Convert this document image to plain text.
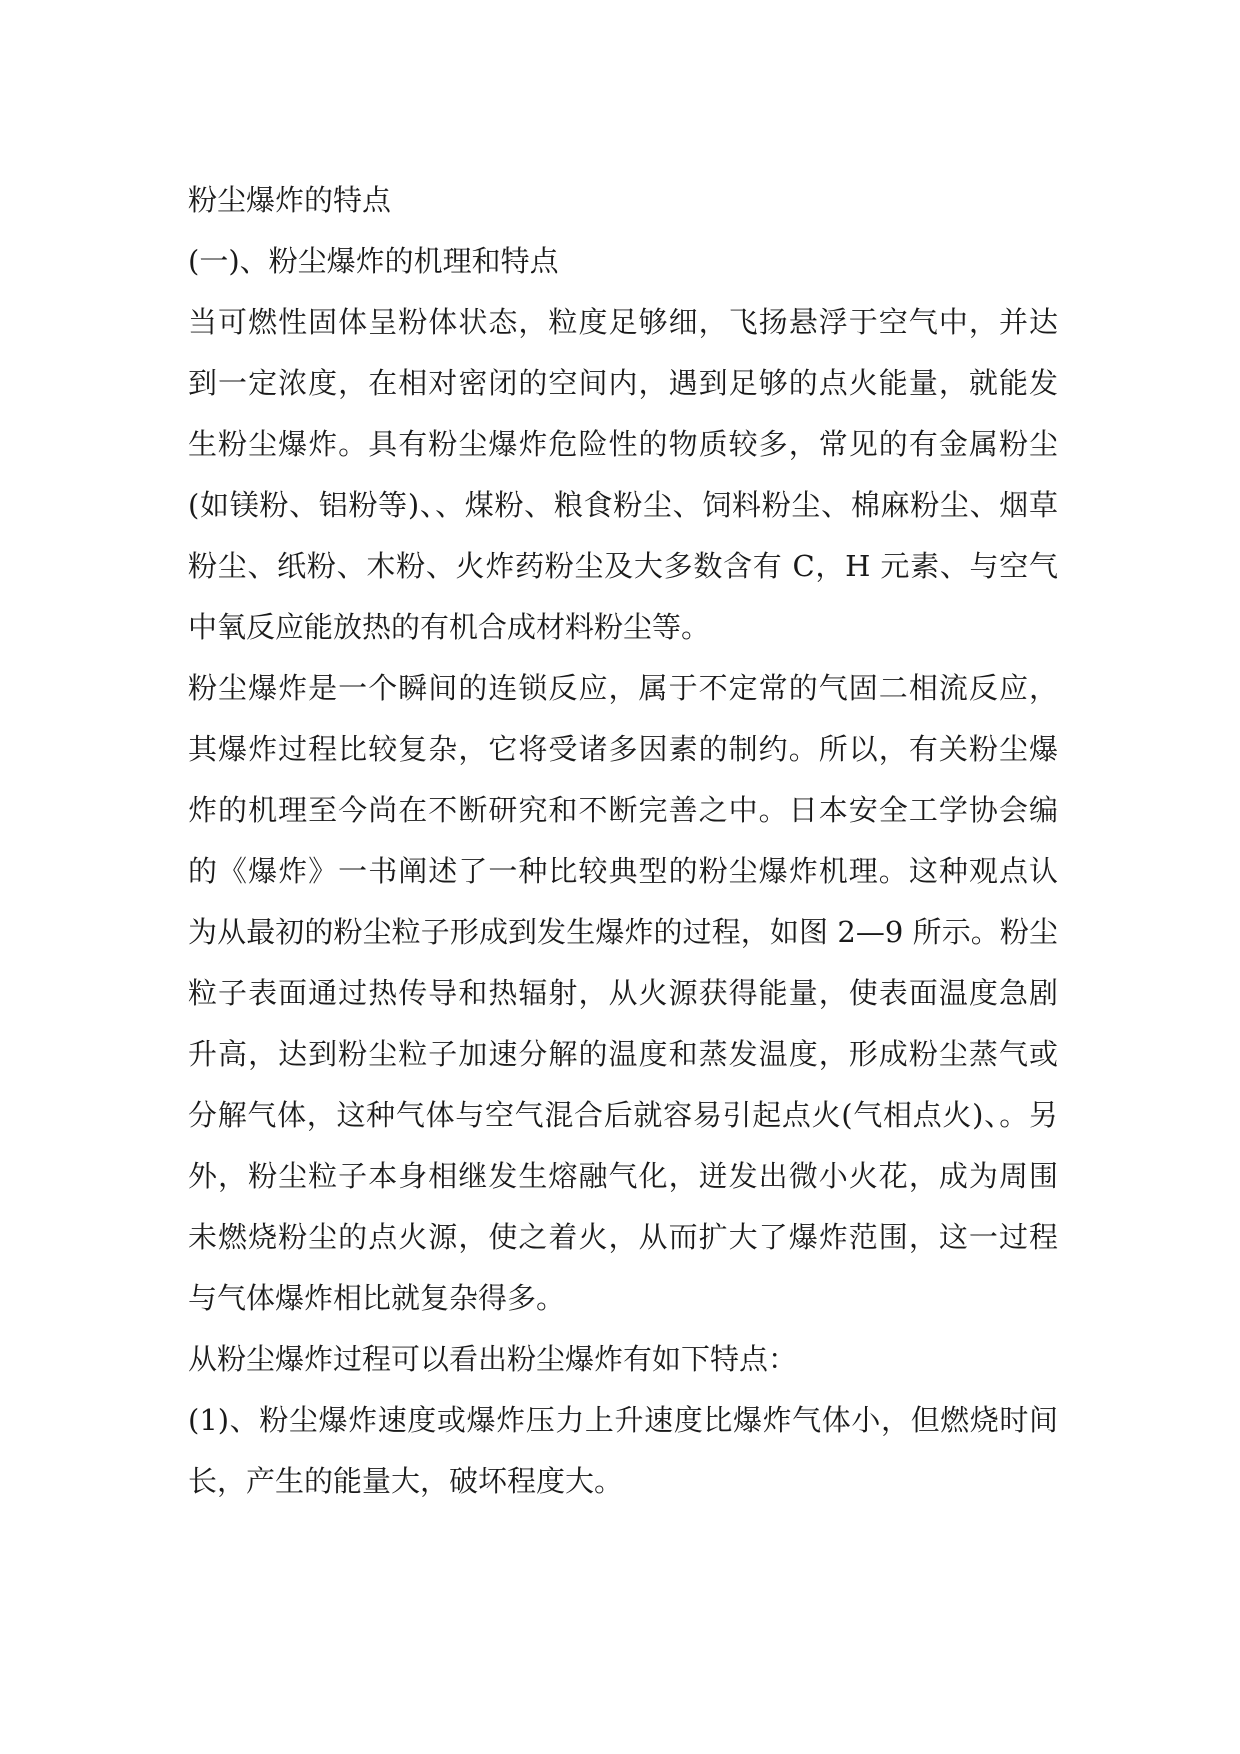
粉尘爆炸的特点
(一)、粉尘爆炸的机理和特点
当可燃性固体呈粉体状态，粒度足够细，飞扬悬浮于空气中，并达
到一定浓度，在相对密闭的空间内，遇到足够的点火能量，就能发
生粉尘爆炸。具有粉尘爆炸危险性的物质较多，常见的有金属粉尘
(如镁粉、铝粉等)、、煤粉、粮食粉尘、饲料粉尘、棉麻粉尘、烟草
粉尘、纸粉、木粉、火炸药粉尘及大多数含有 C，H 元素、与空气
中氧反应能放热的有机合成材料粉尘等。
粉尘爆炸是一个瞬间的连锁反应，属于不定常的气固二相流反应，
其爆炸过程比较复杂，它将受诸多因素的制约。所以，有关粉尘爆
炸的机理至今尚在不断研究和不断完善之中。日本安全工学协会编
的《爆炸》一书阐述了一种比较典型的粉尘爆炸机理。这种观点认
为从最初的粉尘粒子形成到发生爆炸的过程，如图 2—9 所示。粉尘
粒子表面通过热传导和热辐射，从火源获得能量，使表面温度急剧
升高，达到粉尘粒子加速分解的温度和蒸发温度，形成粉尘蒸气或
分解气体，这种气体与空气混合后就容易引起点火(气相点火)、。另
外，粉尘粒子本身相继发生熔融气化，迸发出微小火花，成为周围
未燃烧粉尘的点火源，使之着火，从而扩大了爆炸范围，这一过程
与气体爆炸相比就复杂得多。
从粉尘爆炸过程可以看出粉尘爆炸有如下特点：
(1)、粉尘爆炸速度或爆炸压力上升速度比爆炸气体小，但燃烧时间
长，产生的能量大，破坏程度大。
